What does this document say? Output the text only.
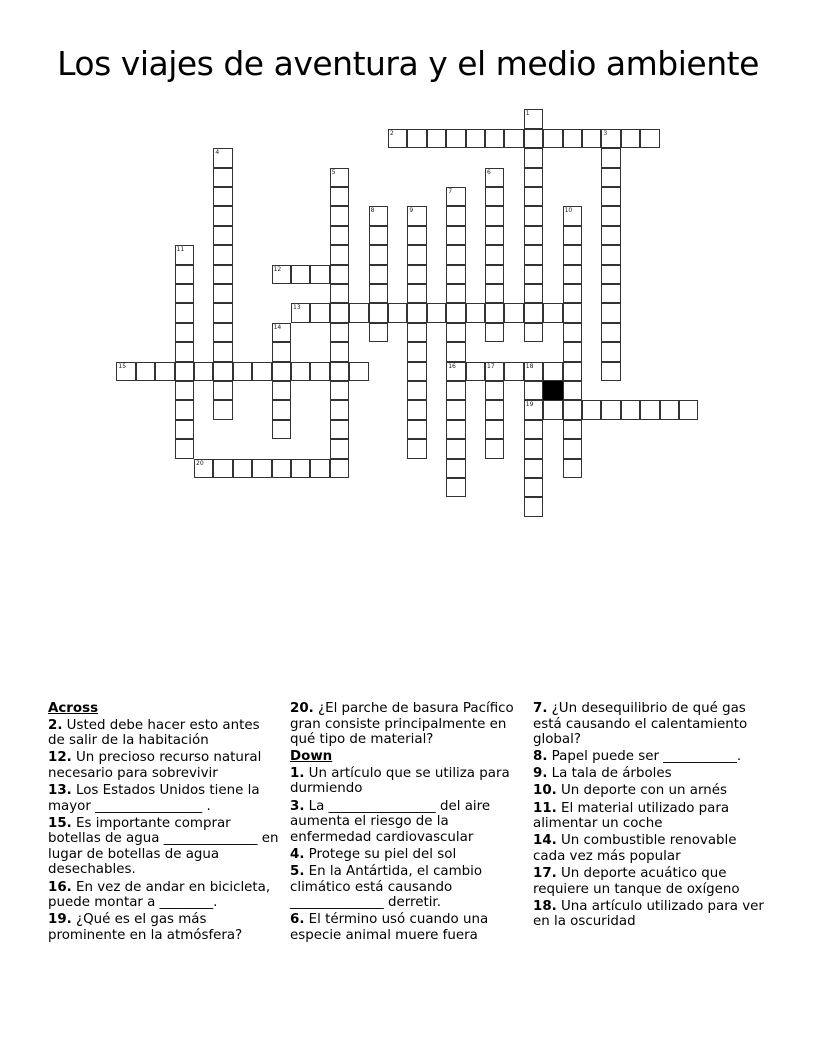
Los viajes de aventura y el medio ambiente
1
2	3
4
5	6
7
16
8	9	10
11
12
13
14
15	17	18
19
20
Across
2. Usted debe hacer esto antes de salir de la habitación
12. Un precioso recurso natural necesario para sobrevivir
13. Los Estados Unidos tiene la mayor ________________ .
15. Es importante comprar botellas de agua ______________ en lugar de botellas de agua desechables.
16. En vez de andar en bicicleta, puede montar a ________.
19. ¿Qué es el gas más prominente en la atmósfera?
20. ¿El parche de basura Pacífico gran consiste principalmente en qué tipo de material?
Down
1. Un artículo que se utiliza para durmiendo
3. La ________________ del aire aumenta el riesgo de la enfermedad cardiovascular
4. Protege su piel del sol
5. En la Antártida, el cambio climático está causando ______________ derretir.
6. El término usó cuando una especie animal muere fuera
7. ¿Un desequilibrio de qué gas está causando el calentamiento global?
8. Papel puede ser ___________.
9. La tala de árboles
10. Un deporte con un arnés
11. El material utilizado para alimentar un coche
14. Un combustible renovable cada vez más popular
17. Un deporte acuático que requiere un tanque de oxígeno
18. Una artículo utilizado para ver en la oscuridad
